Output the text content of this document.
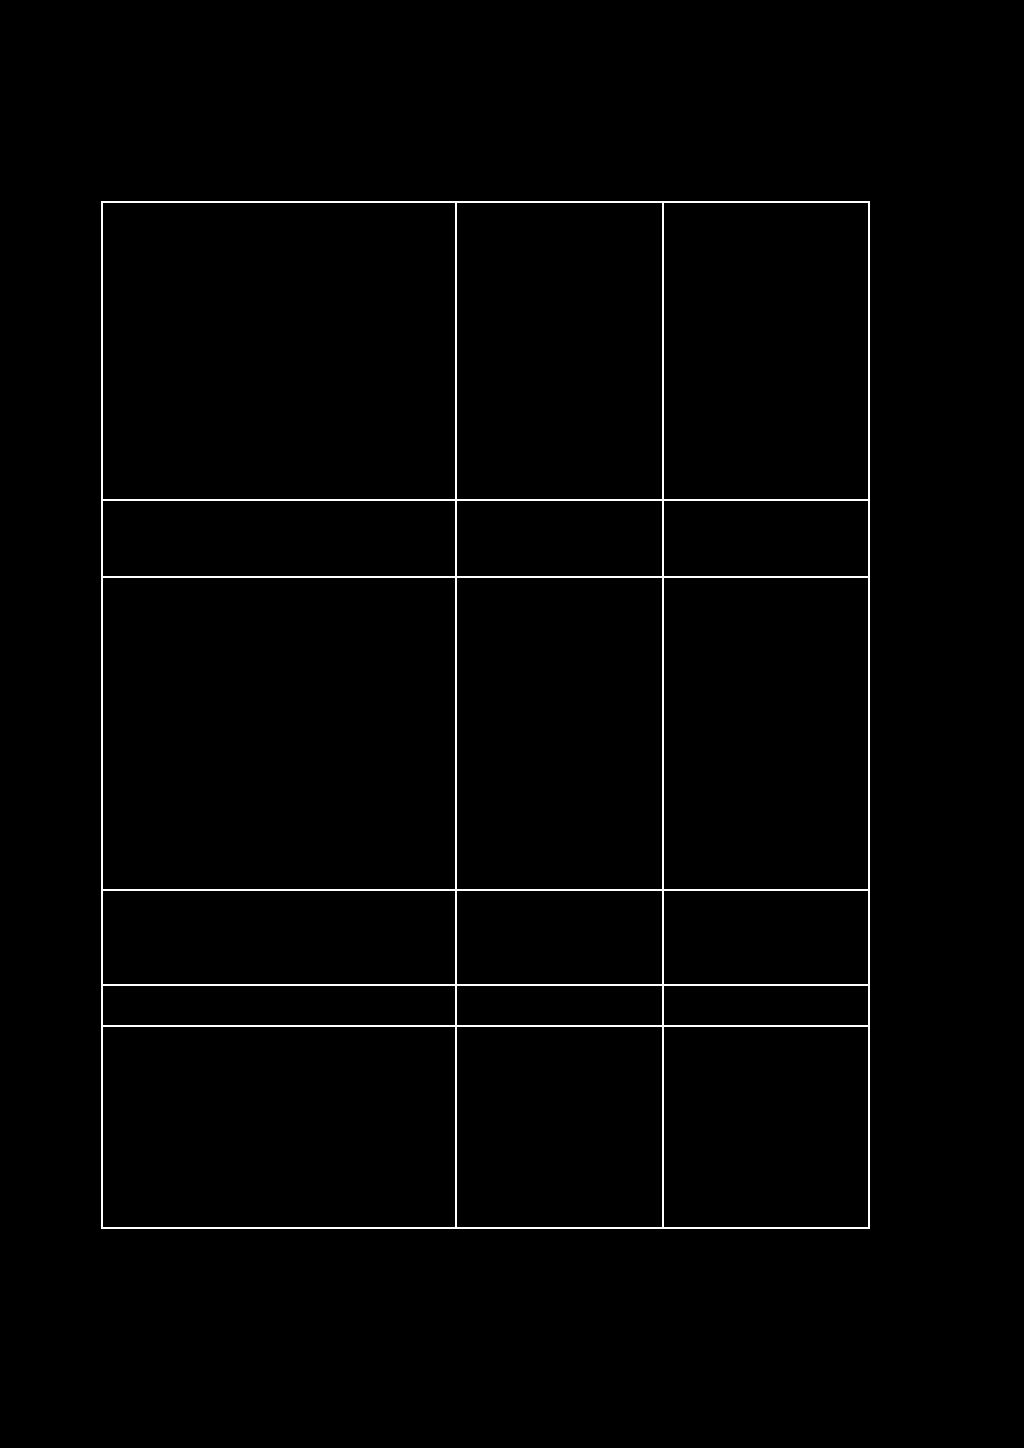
Πυροπροστασίας καθώς και των εκάστοτε ισχυουσών πολεοδομικών διατάξεων για την αιτούμενη χρήση και περιγράφονται αναλυτικά στα νομιμοποιητικά στοιχεία αυτού (π.χ. άδεια δόμησης, δήλωση αυθαιρέτου, εξαίρεση από κατεδάφιση, ενημέρωση φακέλου άδειας δόμησης, κτίριο προϋφιστάμενο του 1955 κλπ).

β) Αντίγραφα στοιχείων νομιμότητας του χώρου στα οποία αναφέρεται (π.χ. άδεια δόμησης, δηλώσεις αυθαιρέτου με τις εκάστοτε περί αυθαιρέτου διατάξεις, απόφαση εξαίρεσης από κατεδάφιση, βεβαίωση παλαιότητας κλπ).

γ) Σχεδιαγράμματα του καταστήματος εις τριπλούν, σε κλίμακα που αναφέρεται ρητά επί των σχεδίων, στα οποία θα αποτυπώνονται όλοι οι χώροι του Κ.Υ.Ε., περιλαμβανομένων και αυτών που προβλέπονται από ειδικές διατάξεις του ισχύοντος νομοθετικού πλαισίου (π.χ. αποχωρητήρια για Α.Μ.Ε.Α)		

3. Υπεύθυνη Δήλωση ορισμού του υγειονομικώς και αγορανομικώς υπευθύνου από τον εκπρόσωπο της εταιρείας και υπεύθυνη δήλωση αποδοχής από τον ορισθέντα.		

4. Υπεύθυνη Δήλωση του Ν.1599/1986 (αντί αποσπάσματος ποινικού μητρώου), για τα καταστήματα που εμπίπτουν στο πεδίο εφαρμογής του Π.Δ. 180/1979, στην οποία να δηλώνονται τα ακόλουθα: «Ο/Η κάτωθι υπογράφων/φουσα ... δεν έχω καταδικαστεί τελεσίδικα για κανένα από τα αδικήματα που αναφέρονται στις διατάξεις του άρθρου 1 παρ. 2 του Π.Δ/τος 180/1979, όπως αυτό ισχύει» (στην περίπτωση χορήγησης άδειας για καταστήματα στα οποία προσφέρονται οινοπνευματώδη ποτά).

Στην περίπτωση όπου την αίτηση υποβάλλει εταιρεία, κατατίθενται υπεύθυνες δηλώσεις του Ν.1599/1986 (αντί αποσπάσματος ποινικού μητρώου) του εκπροσώπου της εταιρείας και του υγειονομικώς υπευθύνου, όλων των μελών προσωπικής εταιρείας (ΟΕ ή ΕΕ), όλων των μελών του Διοικητικού Συμβουλίου ΑΕ, όλων των διαχειριστών ΕΠΕ, όλων των εκπροσώπων ΙΚΕ με το ίδιο περιεχόμενο.		

5. Πιστοποιητικό (ενεργητικής) πυροπροστασίας για την τήρηση των μέτρων και μέσων πυροπροστασίας που προβλέπονται κατά περίπτωση στις ισχύουσες Πυροσβεστικές διατάξεις (αναζητείται αυτεπάγγελτα αν δεν έχει κατατεθεί από τον ενδιαφερόμενο)		

6. Παράβολο σύμφωνα με την ΚΥΑ 61167/17-12-2007 (ΦΕΚ 2438 Β).		

7. (Για επιχειρήσεις τροφίμων και ποτών) Εις τριπλούν αναλυτικό επικαιροποιημένο διάγραμμα ροής της δραστηριότητας της επιχείρησης με περιγραφή της παραγωγικής διαδικασίας, όπου απαιτείται, το οποίο συντάσσεται και υπογράφεται είτε από τον υγειονομικά υπεύθυνο είτε από επιστήμονα σχετικής ειδικότητας.		
